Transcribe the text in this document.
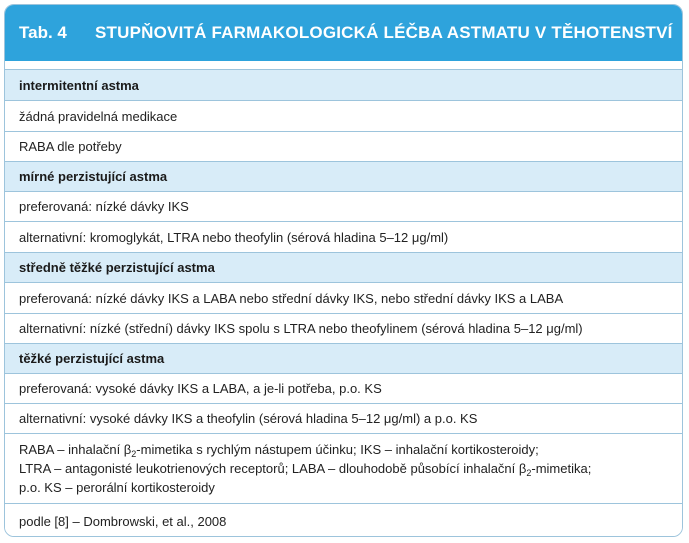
Tab. 4	STUPŇOVITÁ FARMAKOLOGICKÁ LÉČBA ASTMATU V TĚHOTENSTVÍ
intermitentní astma
žádná pravidelná medikace
RABA dle potřeby
mírné perzistující astma
preferovaná: nízké dávky IKS
alternativní: kromoglykát, LTRA nebo theofylin (sérová hladina 5–12 μg/ml)
středně těžké perzistující astma
preferovaná: nízké dávky IKS a LABA nebo střední dávky IKS, nebo střední dávky IKS a LABA
alternativní: nízké (střední) dávky IKS spolu s LTRA nebo theofylinem (sérová hladina 5–12 μg/ml)
těžké perzistující astma
preferovaná: vysoké dávky IKS a LABA, a je-li potřeba, p.o. KS
alternativní: vysoké dávky IKS a theofylin (sérová hladina 5–12 μg/ml) a p.o. KS
RABA – inhalační $\beta_2$-mimetika s rychlým nástupem účinku; IKS – inhalační kortikosteroidy;
LTRA – antagonisté leukotrienových receptorů; LABA – dlouhodobě působící inhalační $\beta_2$-mimetika;
p.o. KS – perorální kortikosteroidy
podle [8] – Dombrowski, et al., 2008
